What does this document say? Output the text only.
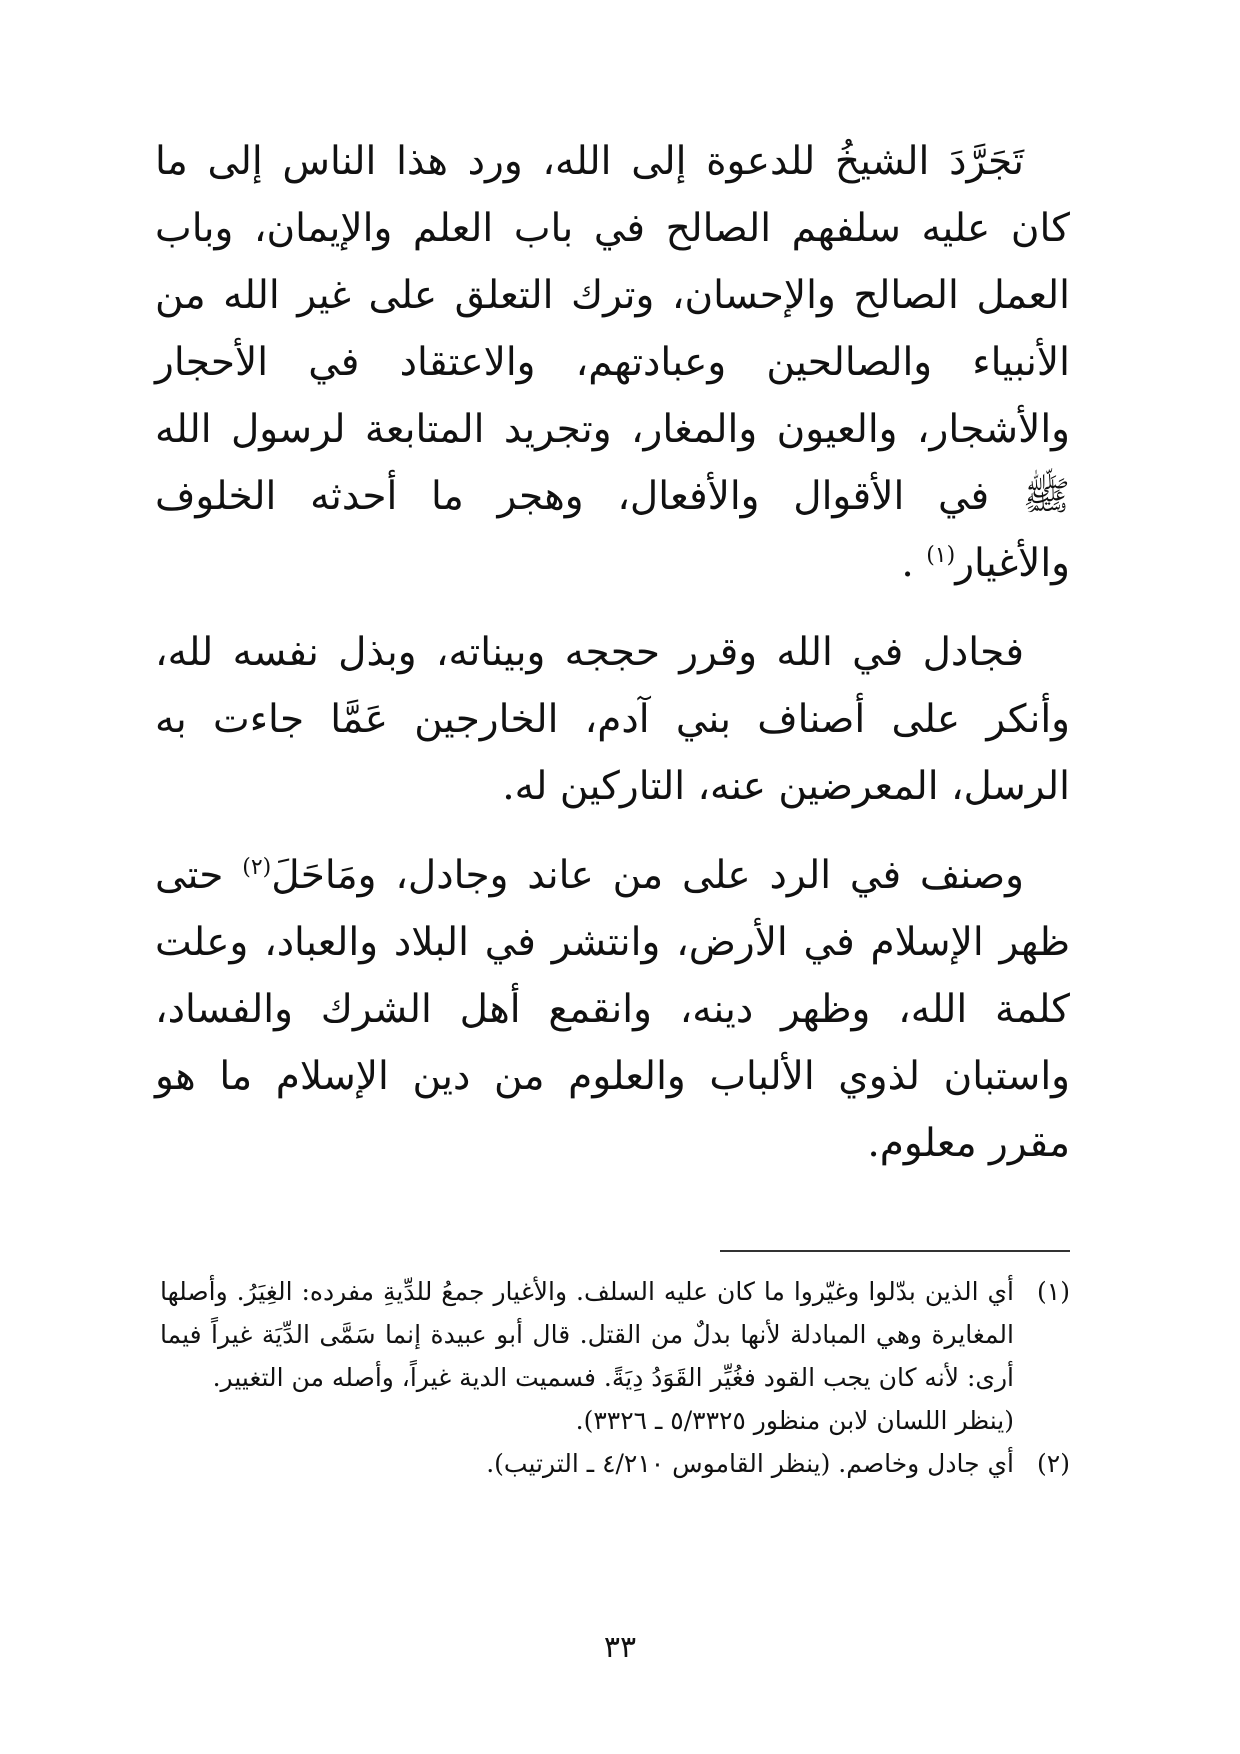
تَجَرَّدَ الشيخُ للدعوة إلى الله، ورد هذا الناس إلى ما كان عليه سلفهم الصالح في باب العلم والإيمان، وباب العمل الصالح والإحسان، وترك التعلق على غير الله من الأنبياء والصالحين وعبادتهم، والاعتقاد في الأحجار والأشجار، والعيون والمغار، وتجريد المتابعة لرسول الله ﷺ في الأقوال والأفعال، وهجر ما أحدثه الخلوف والأغيار$^{(١)}$ .

فجادل في الله وقرر حججه وبيناته، وبذل نفسه لله، وأنكر على أصناف بني آدم، الخارجين عَمَّا جاءت به الرسل، المعرضين عنه، التاركين له.

وصنف في الرد على من عاند وجادل، ومَاحَلَ$^{(٢)}$ حتى ظهر الإسلام في الأرض، وانتشر في البلاد والعباد، وعلت كلمة الله، وظهر دينه، وانقمع أهل الشرك والفساد، واستبان لذوي الألباب والعلوم من دين الإسلام ما هو مقرر معلوم.

(١)
أي الذين بدّلوا وغيّروا ما كان عليه السلف. والأغيار جمعُ للدِّيةِ مفرده: الغِيَرُ. وأصلها المغايرة وهي المبادلة لأنها بدلٌ من القتل. قال أبو عبيدة إنما سَمَّى الدِّيَة غيراً فيما أرى: لأنه كان يجب القود فغُيِّر القَوَدُ دِيَةً. فسميت الدية غيراً، وأصله من التغيير.
(ينظر اللسان لابن منظور ٥/٣٣٢٥ ـ ٣٣٢٦).
(٢)
أي جادل وخاصم. (ينظر القاموس ٤/٢١٠ ـ الترتيب).
٣٣
